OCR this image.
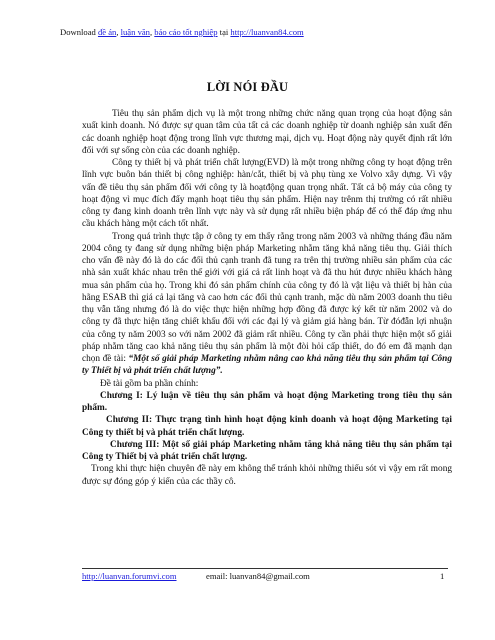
Download đề án, luận văn, báo cáo tốt nghiệp tại http://luanvan84.com
LỜI NÓI ĐẦU

Tiêu thụ sản phẩm dịch vụ là một trong những chức năng quan trọng của hoạt động sản xuất kinh doanh. Nó được sự quan tâm của tất cả các doanh nghiệp từ doanh nghiệp sản xuất đến các doanh nghiệp hoạt động trong lĩnh vực thương mại, dịch vụ. Hoạt động này quyết định rất lớn đối với sự sống còn của các doanh nghiệp.

Công ty thiết bị và phát triển chất lượng(EVD) là một trong những công ty hoạt động trên lĩnh vực buôn bán thiết bị công nghiệp: hàn/cắt, thiết bị và phụ tùng xe Volvo xây dựng. Vì vậy vấn đề tiêu thụ sản phẩm đối với công ty là hoạtđộng quan trọng nhất. Tất cả bộ máy của công ty hoạt động vì mục đích đẩy mạnh hoạt tiêu thụ sản phẩm. Hiện nay trênm thị trường có rất nhiều công ty đang kinh doanh trên lĩnh vực này và sử dụng rất nhiều biện pháp để có thể đáp ứng nhu cầu khách hàng một cách tốt nhất.

Trong quá trình thực tập ở công ty em thấy rằng trong năm 2003 và những tháng đầu năm 2004 công ty đang sử dụng những biện pháp Marketing nhằm tăng khả năng tiêu thụ. Giải thích cho vấn đề này đó là do các đối thủ cạnh tranh đã tung ra trên thị trường nhiều sản phẩm của các nhà sản xuất khác nhau trên thế giới với giá cả rất linh hoạt và đã thu hút được nhiều khách hàng mua sản phẩm của họ. Trong khi đó sản phẩm chính của công ty đó là vật liệu và thiết bị hàn của hãng ESAB thì giá cả lại tăng và cao hơn các đối thủ cạnh tranh, mặc dù năm 2003 doanh thu tiêu thụ vẫn tăng nhưng đó là do việc thực hiện những hợp đồng đã được ký kết từ năm 2002 và do công ty đã thực hiện tăng chiết khấu đối với các đại lý và giảm giá hàng bán. Từ đóđẫn lợi nhuận của công ty năm 2003 so với năm 2002 đã giảm rất nhiều. Công ty cần phải thực hiện một số giải pháp nhằm tăng cao khả năng tiêu thụ sản phẩm là một đòi hỏi cấp thiết, do đó em đã mạnh dạn chọn đề tài: “Một số giải pháp Marketing nhằm nâng cao khả năng tiêu thụ sản phẩm tại Công ty Thiết bị và phát triển chất lượng”.

Đề tài gồm ba phần chính:

Chương I: Lý luận về tiêu thụ sản phẩm và hoạt động Marketing trong tiêu thụ sản phẩm.

Chương II: Thực trạng tình hình hoạt động kinh doanh và hoạt động Marketing tại Công ty thiết bị và phát triển chất lượng.

Chương III: Một số giải pháp Marketing nhằm tăng khả năng tiêu thụ sản phẩm tại Công ty Thiết bị và phát triển chất lượng.

Trong khi thực hiện chuyên đề này em không thể tránh khỏi những thiếu sót vì vậy em rất mong được sự đóng góp ý kiến của các thầy cô.

http://luanvan.forumvi.com	email: luanvan84@gmail.com	1
